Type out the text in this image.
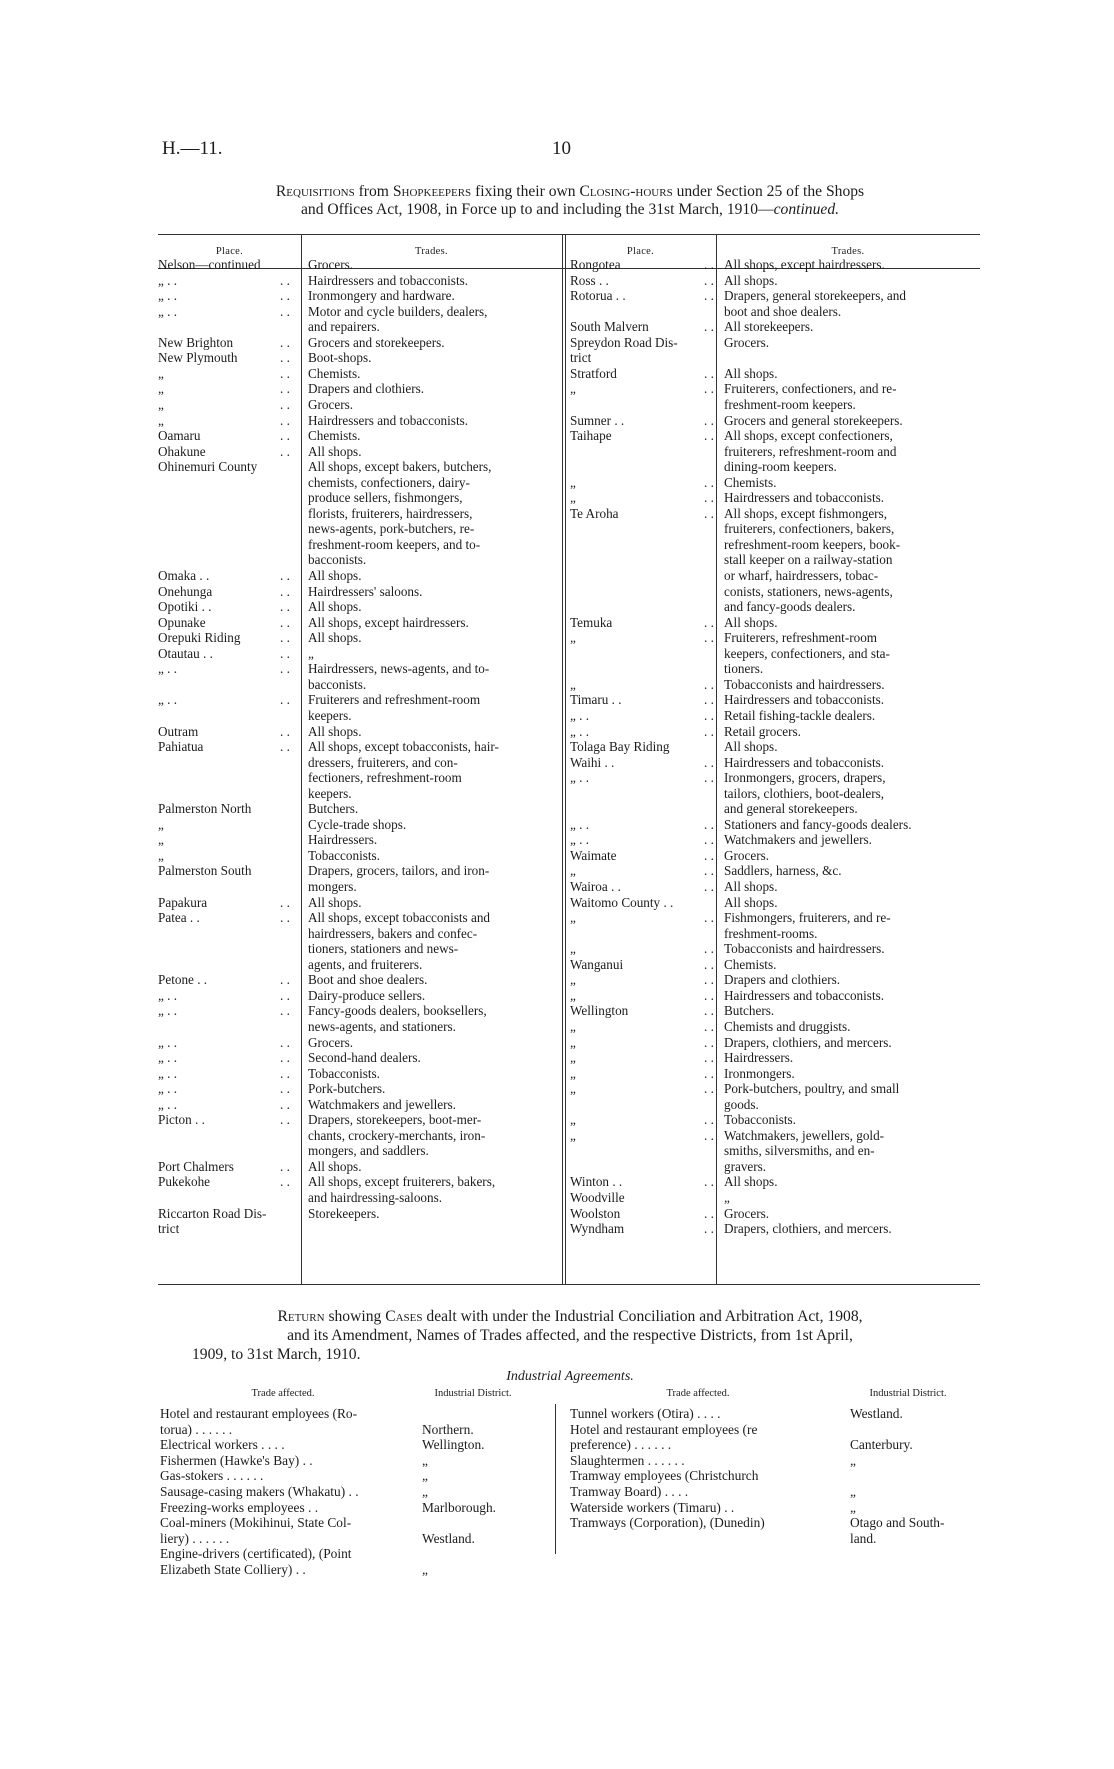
H.—11.	10
Requisitions from Shopkeepers fixing their own Closing-hours under Section 25 of the Shops
and Offices Act, 1908, in Force up to and including the 31st March, 1910—continued.
Place.	Trades.	Place.	Trades.
Nelson—continued	Grocers.
„ . .	. . Hairdressers and tobacconists.
„ . .	. . Ironmongery and hardware.
„ . .	. . Motor and cycle builders, dealers,
and repairers.
New Brighton	. . Grocers and storekeepers.
New Plymouth	. . Boot-shops.
„	. . Chemists.
„	. . Drapers and clothiers.
„	. . Grocers.
„	. . Hairdressers and tobacconists.
Oamaru	. . Chemists.
Ohakune	. . All shops.
Ohinemuri County	All shops, except bakers, butchers,
chemists, confectioners, dairy-
produce sellers, fishmongers,
florists, fruiterers, hairdressers,
news-agents, pork-butchers, re-
freshment-room keepers, and to-
bacconists.
Omaka . .	. . All shops.
Onehunga	. . Hairdressers' saloons.
Opotiki . .	. . All shops.
Opunake	. . All shops, except hairdressers.
Orepuki Riding	. . All shops.
Otautau . .	. . „
„ . .	. . Hairdressers, news-agents, and to-
bacconists.
„ . .	. . Fruiterers and refreshment-room
keepers.
Outram	. . All shops.
Pahiatua	. . All shops, except tobacconists, hair-
dressers, fruiterers, and con-
fectioners, refreshment-room
keepers.
Palmerston North	Butchers.
„	Cycle-trade shops.
„	Hairdressers.
„	Tobacconists.
Palmerston South	Drapers, grocers, tailors, and iron-
mongers.
Papakura	. . All shops.
Patea . .	. . All shops, except tobacconists and
hairdressers, bakers and confec-
tioners, stationers and news-
agents, and fruiterers.
Petone . .	. . Boot and shoe dealers.
„ . .	. . Dairy-produce sellers.
„ . .	. . Fancy-goods dealers, booksellers,
news-agents, and stationers.
„ . .	. . Grocers.
„ . .	. . Second-hand dealers.
„ . .	. . Tobacconists.
„ . .	. . Pork-butchers.
„ . .	. . Watchmakers and jewellers.
Picton . .	. . Drapers, storekeepers, boot-mer-
chants, crockery-merchants, iron-
mongers, and saddlers.
Port Chalmers	. . All shops.
Pukekohe	. . All shops, except fruiterers, bakers,
and hairdressing-saloons.
Riccarton Road Dis-	Storekeepers.
trict
Rongotea	. . All shops, except hairdressers.
Ross . .	. . All shops.
Rotorua . .	. . Drapers, general storekeepers, and
boot and shoe dealers.
South Malvern	. . All storekeepers.
Spreydon Road Dis-	Grocers.
trict
Stratford	. . All shops.
„	. . Fruiterers, confectioners, and re-
freshment-room keepers.
Sumner . .	. . Grocers and general storekeepers.
Taihape	. . All shops, except confectioners,
fruiterers, refreshment-room and
dining-room keepers.
„	. . Chemists.
„	. . Hairdressers and tobacconists.
Te Aroha	. . All shops, except fishmongers,
fruiterers, confectioners, bakers,
refreshment-room keepers, book-
stall keeper on a railway-station
or wharf, hairdressers, tobac-
conists, stationers, news-agents,
and fancy-goods dealers.
Temuka	. . All shops.
„	. . Fruiterers, refreshment-room
keepers, confectioners, and sta-
tioners.
„	. . Tobacconists and hairdressers.
Timaru . .	. . Hairdressers and tobacconists.
„ . .	. . Retail fishing-tackle dealers.
„ . .	. . Retail grocers.
Tolaga Bay Riding	All shops.
Waihi . .	. . Hairdressers and tobacconists.
„ . .	. . Ironmongers, grocers, drapers,
tailors, clothiers, boot-dealers,
and general storekeepers.
„ . .	. . Stationers and fancy-goods dealers.
„ . .	. . Watchmakers and jewellers.
Waimate	. . Grocers.
„	. . Saddlers, harness, &c.
Wairoa . .	. . All shops.
Waitomo County . .	All shops.
„	. . Fishmongers, fruiterers, and re-
freshment-rooms.
„	. . Tobacconists and hairdressers.
Wanganui	. . Chemists.
„	. . Drapers and clothiers.
„	. . Hairdressers and tobacconists.
Wellington	. . Butchers.
„	. . Chemists and druggists.
„	. . Drapers, clothiers, and mercers.
„	. . Hairdressers.
„	. . Ironmongers.
„	. . Pork-butchers, poultry, and small
goods.
„	. . Tobacconists.
„	. . Watchmakers, jewellers, gold-
smiths, silversmiths, and en-
gravers.
Winton . .	. . All shops.
Woodville	„
Woolston	. . Grocers.
Wyndham	. . Drapers, clothiers, and mercers.
Return showing Cases dealt with under the Industrial Conciliation and Arbitration Act, 1908,
and its Amendment, Names of Trades affected, and the respective Districts, from 1st April,
1909, to 31st March, 1910.
Industrial Agreements.
Trade affected.	Industrial District.	Trade affected.	Industrial District.
Hotel and restaurant employees (Ro-
torua) . . . . . .	Northern.
Electrical workers . . . .	Wellington.
Fishermen (Hawke's Bay) . .	„
Gas-stokers . . . . . .	„
Sausage-casing makers (Whakatu) . .	„
Freezing-works employees . .	Marlborough.
Coal-miners (Mokihinui, State Col-
liery) . . . . . .	Westland.
Engine-drivers (certificated), (Point
Elizabeth State Colliery) . .	„
Tunnel workers (Otira) . . . .	Westland.
Hotel and restaurant employees (re
preference) . . . . . .	Canterbury.
Slaughtermen . . . . . .	„
Tramway employees (Christchurch
Tramway Board) . . . .	„
Waterside workers (Timaru) . .	„
Tramways (Corporation), (Dunedin)	Otago and South-
land.
